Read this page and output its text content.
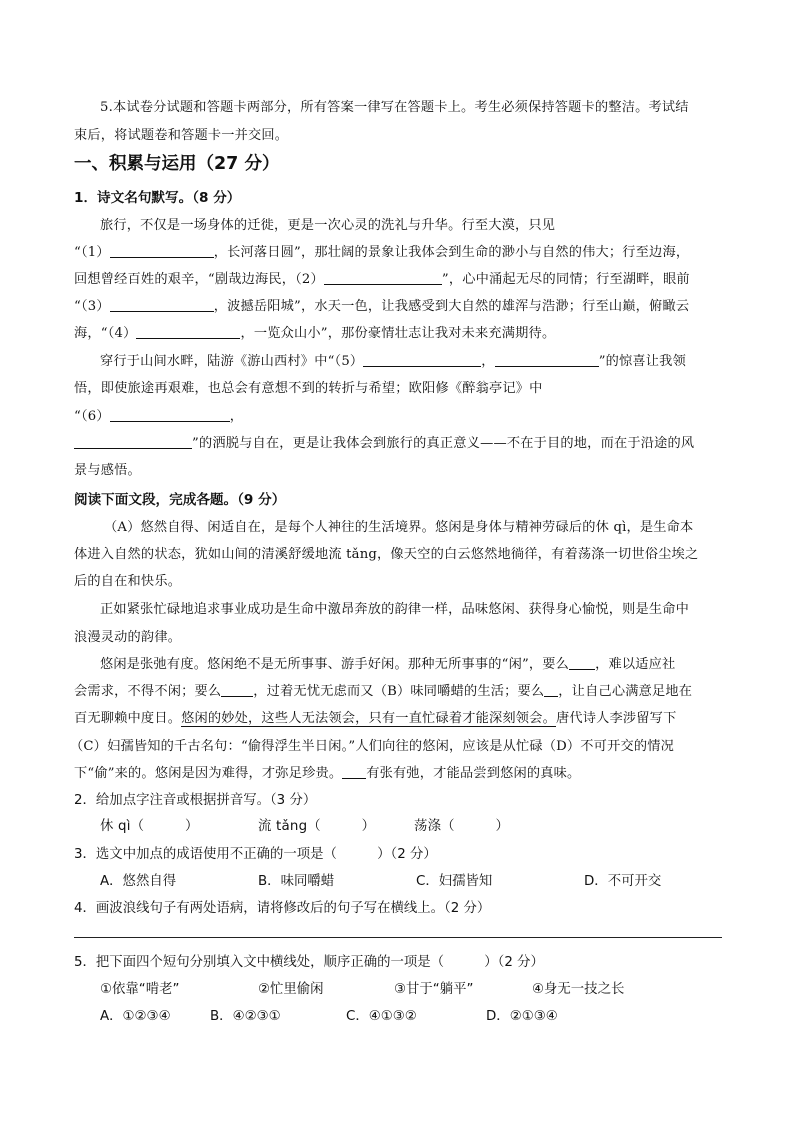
5.本试卷分试题和答题卡两部分，所有答案一律写在答题卡上。考生必须保持答题卡的整洁。考试结
束后，将试题卷和答题卡一并交回。
一、积累与运用（27 分）
1．诗文名句默写。（8 分）
旅行，不仅是一场身体的迁徙，更是一次心灵的洗礼与升华。行至大漠，只见
“（1）	，长河落日圆”，那壮阔的景象让我体会到生命的渺小与自然的伟大；行至边海，
回想曾经百姓的艰辛，“剧哉边海民，（2）	”，心中涌起无尽的同情；行至湖畔，眼前
“（3）	，波撼岳阳城”，水天一色，让我感受到大自然的雄浑与浩渺；行至山巅，俯瞰云
海，“（4）	，一览众山小”，那份豪情壮志让我对未来充满期待。
穿行于山间水畔，陆游《游山西村》中“（5）	，	”的惊喜让我领
悟，即使旅途再艰难，也总会有意想不到的转折与希望；欧阳修《醉翁亭记》中
“（6）	，
”的洒脱与自在，更是让我体会到旅行的真正意义——不在于目的地，而在于沿途的风
景与感悟。
阅读下面文段，完成各题。（9 分）
（A）悠然自得、闲适自在，是每个人神往的生活境界。悠闲是身体与精神劳碌后的休 qì，是生命本
体进入自然的状态，犹如山间的清溪舒缓地流 tǎng，像天空的白云悠然地徜徉，有着荡涤一切世俗尘埃之
后的自在和快乐。
正如紧张忙碌地追求事业成功是生命中激昂奔放的韵律一样，品味悠闲、获得身心愉悦，则是生命中
浪漫灵动的韵律。
悠闲是张弛有度。悠闲绝不是无所事事、游手好闲。那种无所事事的“闲”，要么 ，难以适应社
会需求，不得不闲；要么 ，过着无忧无虑而又（B）味同嚼蜡的生活；要么 ，让自己心满意足地在
百无聊赖中度日。悠闲的妙处，这些人无法领会，只有一直忙碌着才能深刻领会。唐代诗人李涉留写下
（C）妇孺皆知的千古名句：“偷得浮生半日闲。”人们向往的悠闲，应该是从忙碌（D）不可开交的情况
下“偷”来的。悠闲是因为难得，才弥足珍贵。 有张有弛，才能品尝到悠闲的真味。
2．给加点字注音或根据拼音写。（3 分）
休 qì（　　　）	流 tǎng（　　　）	荡涤（　　　）
3．选文中加点的成语使用不正确的一项是（　　　）（2 分）
A．悠然自得	B．味同嚼蜡	C．妇孺皆知	D．不可开交
4．画波浪线句子有两处语病，请将修改后的句子写在横线上。（2 分）
5．把下面四个短句分别填入文中横线处，顺序正确的一项是（　　　）（2 分）
①依靠“啃老”	②忙里偷闲	③甘于“躺平”	④身无一技之长
A．①②③④	B．④②③①	C．④①③②	D．②①③④
